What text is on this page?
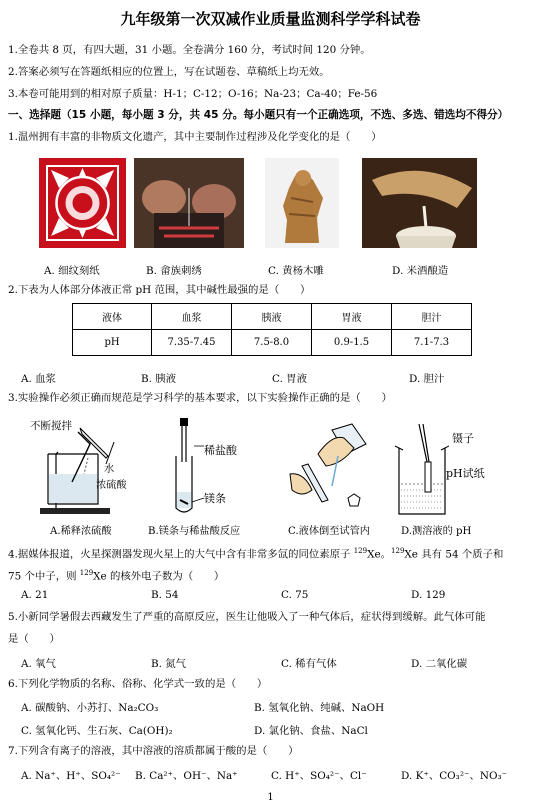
九年级第一次双减作业质量监测科学学科试卷
1.全卷共 8 页，有四大题，31 小题。全卷满分 160 分，考试时间 120 分钟。
2.答案必须写在答题纸相应的位置上，写在试题卷、草稿纸上均无效。
3.本卷可能用到的相对原子质量：H-1；C-12；O-16；Na-23；Ca-40；Fe-56
一、选择题（15 小题，每小题 3 分，共 45 分。每小题只有一个正确选项，不选、多选、错选均不得分）
1.温州拥有丰富的非物质文化遗产，其中主要制作过程涉及化学变化的是（　　）
A. 细纹刻纸	B. 畲族刺绣	C. 黄杨木雕	D. 米酒酿造
2.下表为人体部分体液正常 pH 范围，其中碱性最强的是（　　）
液体	血浆	胰液	胃液	胆汁
pH	7.35-7.45	7.5-8.0	0.9-1.5	7.1-7.3
A. 血浆	B. 胰液	C. 胃液	D. 胆汁
3.实验操作必须正确而规范是学习科学的基本要求，以下实验操作正确的是（　　）
不断搅拌
水
浓硫酸
稀盐酸
镁条
镊子
pH试纸
A.稀释浓硫酸	B.镁条与稀盐酸反应	C.液体倒至试管内	D.测溶液的 pH
4.据媒体报道，火星探测器发现火星上的大气中含有非常多氙的同位素原子 $^{129}$Xe。$^{129}$Xe 具有 54 个质子和
75 个中子，则 $^{129}$Xe 的核外电子数为（　　）
A. 21	B. 54	C. 75	D. 129
5.小新同学暑假去西藏发生了严重的高原反应，医生让他吸入了一种气体后，症状得到缓解。此气体可能
是（　　）
A. 氧气	B. 氮气	C. 稀有气体	D. 二氧化碳
6.下列化学物质的名称、俗称、化学式一致的是（　　）
A. 碳酸钠、小苏打、Na₂CO₃	B. 氢氧化钠、纯碱、NaOH
C. 氢氧化钙、生石灰、Ca(OH)₂	D. 氯化钠、食盐、NaCl
7.下列含有离子的溶液，其中溶液的溶质都属于酸的是（　　）
A. Na⁺、H⁺、SO₄²⁻ B. Ca²⁺、OH⁻、Na⁺	C. H⁺、SO₄²⁻、Cl⁻	D. K⁺、CO₃²⁻、NO₃⁻
1
